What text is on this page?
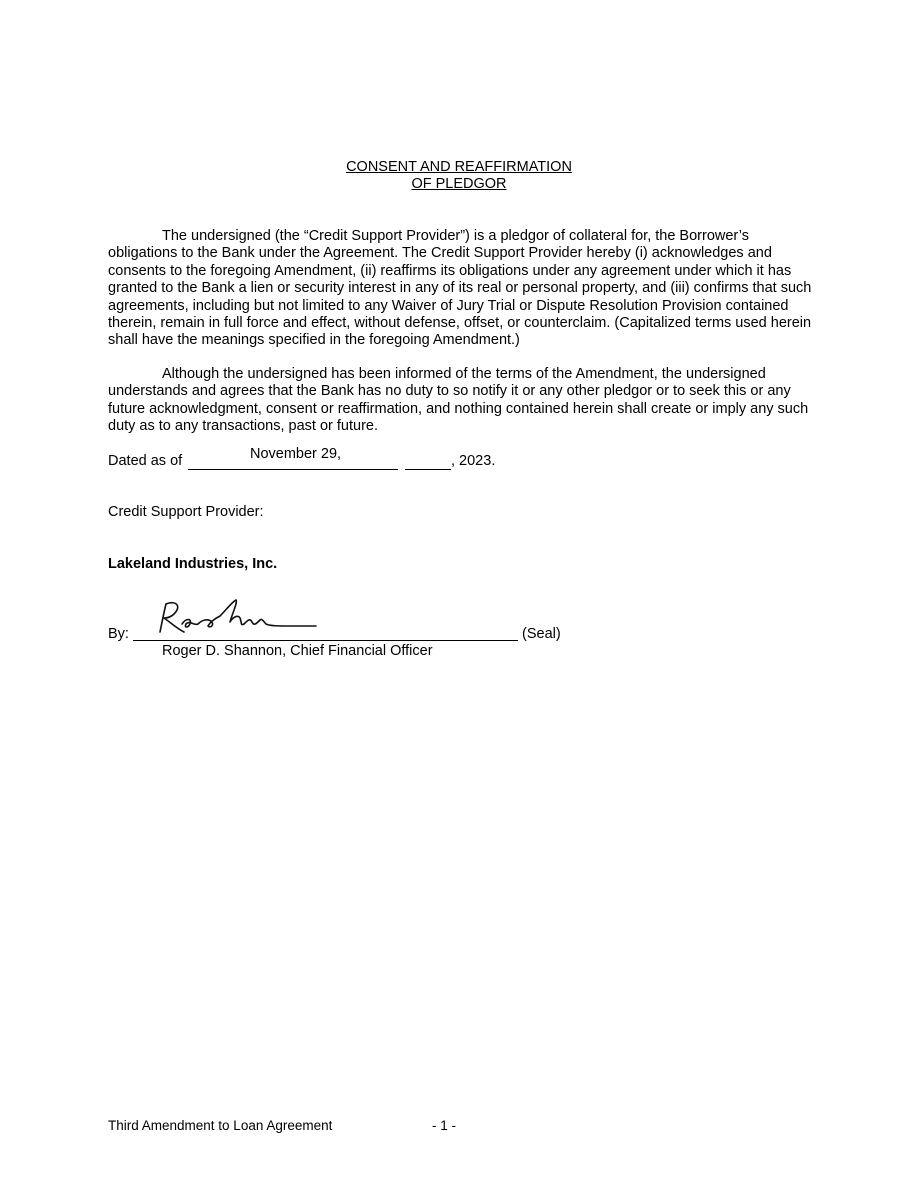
CONSENT AND REAFFIRMATION
OF PLEDGOR

The undersigned (the “Credit Support Provider”) is a pledgor of collateral for, the Borrower’s obligations to the Bank under the Agreement. The Credit Support Provider hereby (i) acknowledges and consents to the foregoing Amendment, (ii) reaffirms its obligations under any agreement under which it has granted to the Bank a lien or security interest in any of its real or personal property, and (iii) confirms that such agreements, including but not limited to any Waiver of Jury Trial or Dispute Resolution Provision contained therein, remain in full force and effect, without defense, offset, or counterclaim. (Capitalized terms used herein shall have the meanings specified in the foregoing Amendment.)

Although the undersigned has been informed of the terms of the Amendment, the undersigned understands and agrees that the Bank has no duty to so notify it or any other pledgor or to seek this or any future acknowledgment, consent or reaffirmation, and nothing contained herein shall create or imply any such duty as to any transactions, past or future.

Dated as of	November 29,	, 2023.
Credit Support Provider:
Lakeland Industries, Inc.
By:	(Seal)
Roger D. Shannon, Chief Financial Officer
Third Amendment to Loan Agreement	- 1 -
